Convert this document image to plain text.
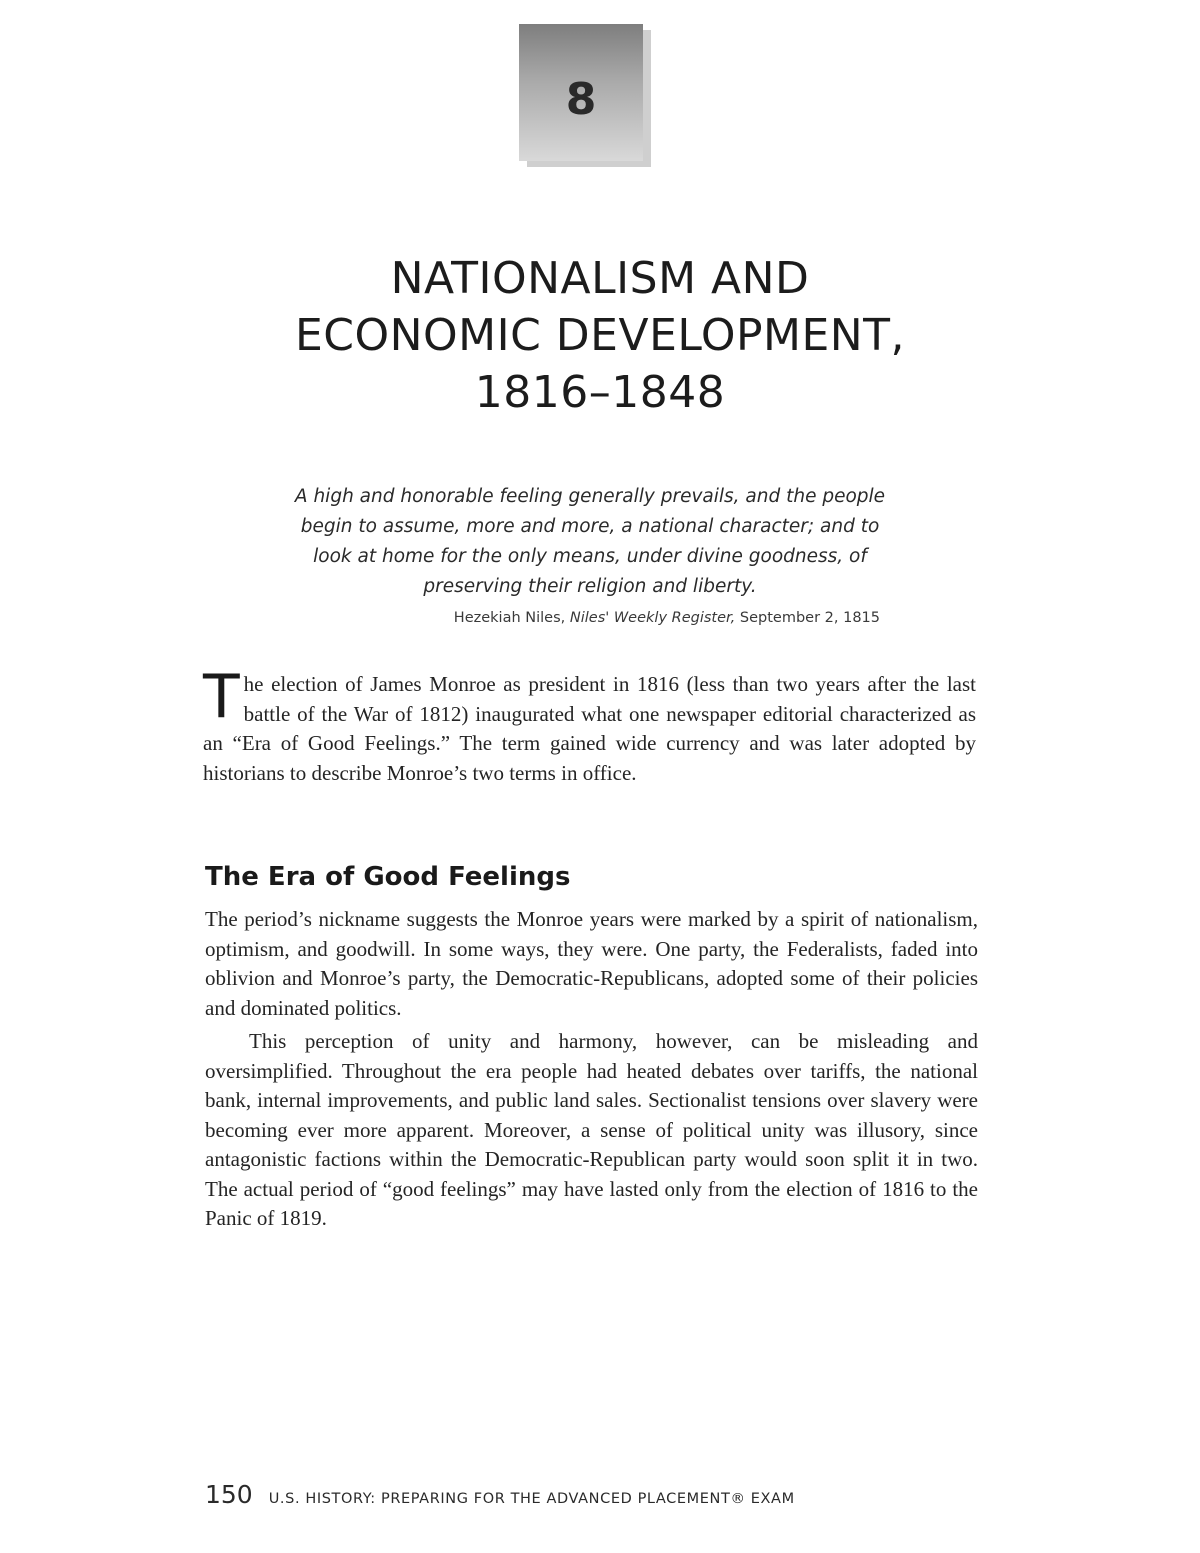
8
NATIONALISM AND
ECONOMIC DEVELOPMENT,
1816–1848
A high and honorable feeling generally prevails, and the people
begin to assume, more and more, a national character; and to
look at home for the only means, under divine goodness, of
preserving their religion and liberty.
Hezekiah Niles, Niles' Weekly Register, September 2, 1815
The election of James Monroe as president in 1816 (less than two years after the last battle of the War of 1812) inaugurated what one newspaper editorial characterized as an “Era of Good Feelings.” The term gained wide currency and was later adopted by historians to describe Monroe’s two terms in office.
The Era of Good Feelings

The period’s nickname suggests the Monroe years were marked by a spirit of nationalism, optimism, and goodwill. In some ways, they were. One party, the Federalists, faded into oblivion and Monroe’s party, the Democratic-Republicans, adopted some of their policies and dominated politics.

This perception of unity and harmony, however, can be misleading and oversimplified. Throughout the era people had heated debates over tariffs, the national bank, internal improvements, and public land sales. Sectionalist tensions over slavery were becoming ever more apparent. Moreover, a sense of political unity was illusory, since antagonistic factions within the Democratic-Republican party would soon split it in two. The actual period of “good feelings” may have lasted only from the election of 1816 to the Panic of 1819.

150 U.S. HISTORY: PREPARING FOR THE ADVANCED PLACEMENT® EXAM
